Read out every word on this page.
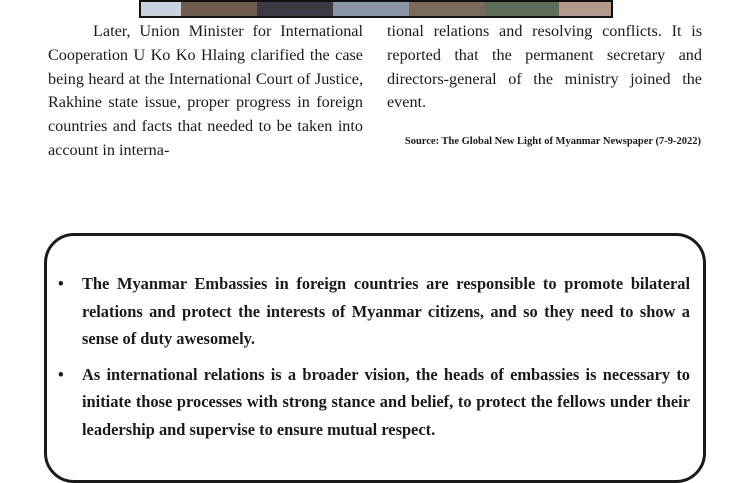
Later, Union Minister for International Cooperation U Ko Ko Hlaing clarified the case being heard at the International Court of Justice, Rakhine state issue, proper progress in foreign countries and facts that needed to be taken into account in interna-

tional relations and resolving conflicts. It is reported that the permanent secretary and directors-general of the ministry joined the event.

Source: The Global New Light of Myanmar Newspaper (7-9-2022)
• The Myanmar Embassies in foreign countries are responsible to promote bilateral relations and protect the interests of Myanmar citizens, and so they need to show a sense of duty awesomely.
• As international relations is a broader vision, the heads of embassies is necessary to initiate those processes with strong stance and belief, to protect the fellows under their leadership and supervise to ensure mutual respect.
